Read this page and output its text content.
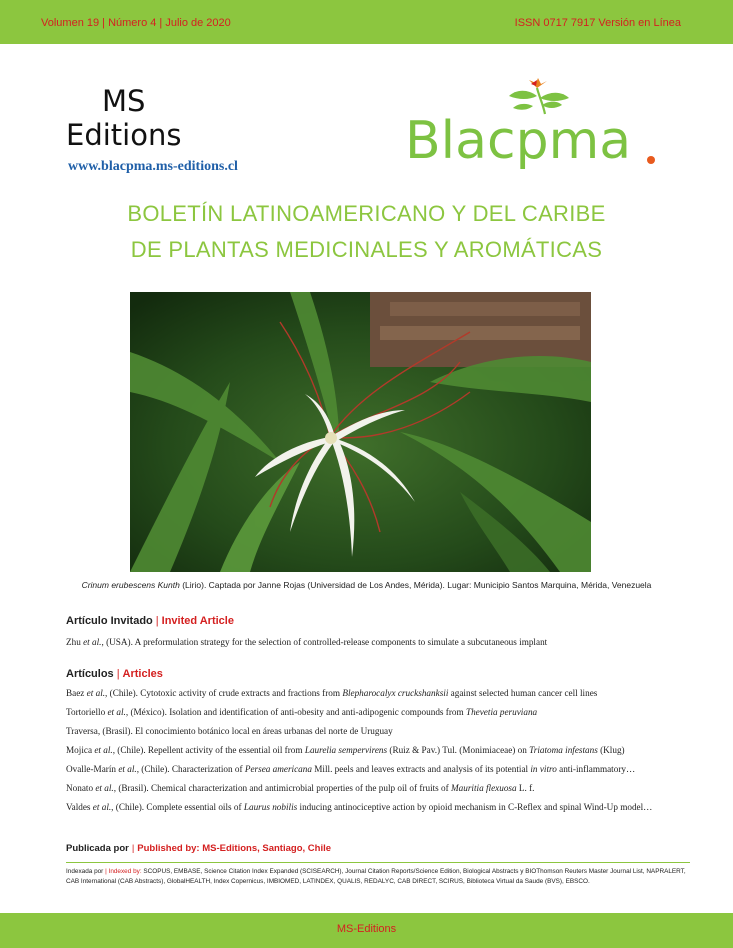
Volumen 19 | Número 4 | Julio de 2020	ISSN 0717 7917 Versión en Línea
MS
Editions
www.blacpma.ms-editions.cl	Blacpma
BOLETÍN LATINOAMERICANO Y DEL CARIBE
DE PLANTAS MEDICINALES Y AROMÁTICAS
Crinum erubescens Kunth (Lirio). Captada por Janne Rojas (Universidad de Los Andes, Mérida). Lugar: Municipio Santos Marquina, Mérida, Venezuela
Artículo Invitado | Invited Article
Zhu et al., (USA). A preformulation strategy for the selection of controlled-release components to simulate a subcutaneous implant
Artículos | Articles
Baez et al., (Chile). Cytotoxic activity of crude extracts and fractions from Blepharocalyx cruckshanksii against selected human cancer cell lines
Tortoriello et al., (México). Isolation and identification of anti-obesity and anti-adipogenic compounds from Thevetia peruviana
Traversa, (Brasil). El conocimiento botánico local en áreas urbanas del norte de Uruguay
Mojica et al., (Chile). Repellent activity of the essential oil from Laurelia sempervirens (Ruiz & Pav.) Tul. (Monimiaceae) on Triatoma infestans (Klug)
Ovalle-Marín et al., (Chile). Characterization of Persea americana Mill. peels and leaves extracts and analysis of its potential in vitro anti-inflammatory…
Nonato et al., (Brasil). Chemical characterization and antimicrobial properties of the pulp oil of fruits of Mauritia flexuosa L. f.
Valdes et al., (Chile). Complete essential oils of Laurus nobilis inducing antinociceptive action by opioid mechanism in C-Reflex and spinal Wind-Up model…
Publicada por | Published by: MS-Editions, Santiago, Chile
Indexada por | Indexed by: SCOPUS, EMBASE, Science Citation Index Expanded (SCISEARCH), Journal Citation Reports/Science Edition, Biological Abstracts y BIOThomson Reuters Master Journal List, NAPRALERT, CAB International (CAB Abstracts), GlobalHEALTH, Index Copernicus, IMBIOMED, LATINDEX, QUALIS, REDALYC, CAB DIRECT, SCIRUS, Biblioteca Virtual da Saude (BVS), EBSCO.
MS-Editions
